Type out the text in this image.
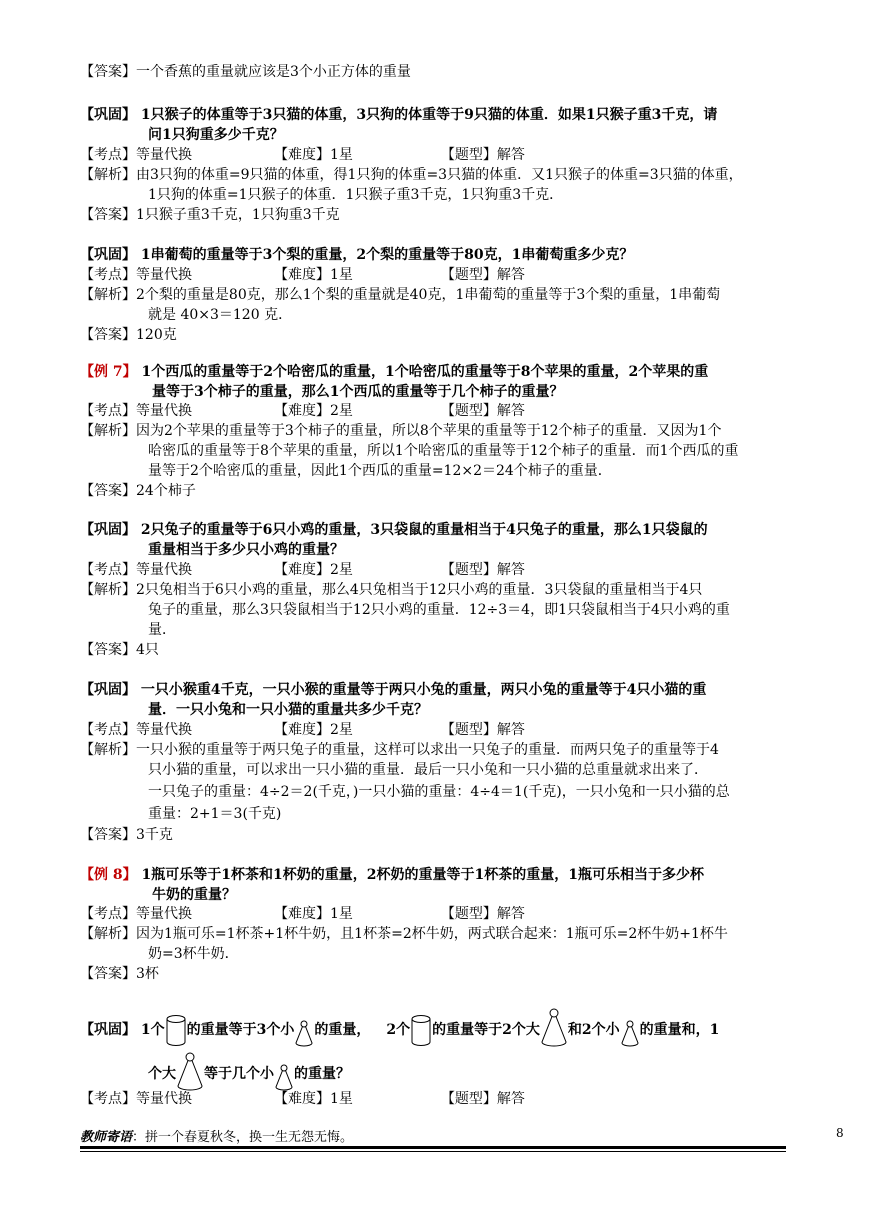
【答案】一个香蕉的重量就应该是3个小正方体的重量
【巩固】 1只猴子的体重等于3只猫的体重，3只狗的体重等于9只猫的体重．如果1只猴子重3千克，请
问1只狗重多少千克？
【考点】等量代换	【难度】1星	【题型】解答
【解析】由3只狗的体重=9只猫的体重，得1只狗的体重=3只猫的体重．又1只猴子的体重=3只猫的体重，
1只狗的体重=1只猴子的体重．1只猴子重3千克，1只狗重3千克．
【答案】1只猴子重3千克，1只狗重3千克
【巩固】 1串葡萄的重量等于3个梨的重量，2个梨的重量等于80克，1串葡萄重多少克？
【考点】等量代换	【难度】1星	【题型】解答
【解析】2个梨的重量是80克，那么1个梨的重量就是40克，1串葡萄的重量等于3个梨的重量，1串葡萄
就是 40×3＝120 克．
【答案】120克
【例 7】 1个西瓜的重量等于2个哈密瓜的重量，1个哈密瓜的重量等于8个苹果的重量，2个苹果的重
量等于3个柿子的重量，那么1个西瓜的重量等于几个柿子的重量？
【考点】等量代换	【难度】2星	【题型】解答
【解析】因为2个苹果的重量等于3个柿子的重量，所以8个苹果的重量等于12个柿子的重量．又因为1个
哈密瓜的重量等于8个苹果的重量，所以1个哈密瓜的重量等于12个柿子的重量．而1个西瓜的重
量等于2个哈密瓜的重量，因此1个西瓜的重量=12×2＝24个柿子的重量．
【答案】24个柿子
【巩固】 2只兔子的重量等于6只小鸡的重量，3只袋鼠的重量相当于4只兔子的重量，那么1只袋鼠的
重量相当于多少只小鸡的重量？
【考点】等量代换	【难度】2星	【题型】解答
【解析】2只兔相当于6只小鸡的重量，那么4只兔相当于12只小鸡的重量．3只袋鼠的重量相当于4只
兔子的重量，那么3只袋鼠相当于12只小鸡的重量．12÷3＝4，即1只袋鼠相当于4只小鸡的重
量．
【答案】4只
【巩固】 一只小猴重4千克，一只小猴的重量等于两只小兔的重量，两只小兔的重量等于4只小猫的重
量．一只小兔和一只小猫的重量共多少千克？
【考点】等量代换	【难度】2星	【题型】解答
【解析】一只小猴的重量等于两只兔子的重量，这样可以求出一只兔子的重量．而两只兔子的重量等于4
只小猫的重量，可以求出一只小猫的重量．最后一只小兔和一只小猫的总重量就求出来了．
一只兔子的重量：4÷2＝2(千克，)一只小猫的重量：4÷4＝1(千克)，一只小兔和一只小猫的总
重量：2+1＝3(千克)
【答案】3千克
【例 8】 1瓶可乐等于1杯茶和1杯奶的重量，2杯奶的重量等于1杯茶的重量，1瓶可乐相当于多少杯
牛奶的重量？
【考点】等量代换	【难度】1星	【题型】解答
【解析】因为1瓶可乐=1杯茶+1杯牛奶，且1杯茶=2杯牛奶，两式联合起来：1瓶可乐=2杯牛奶+1杯牛
奶=3杯牛奶．
【答案】3杯
【巩固】 1个 的重量等于3个小 的重量， 2个 的重量等于2个大 和2个小 的重量和，1
个大 等于几个小 的重量？
【考点】等量代换	【难度】1星	【题型】解答
教师寄语：拼一个春夏秋冬，换一生无怨无悔。	8
